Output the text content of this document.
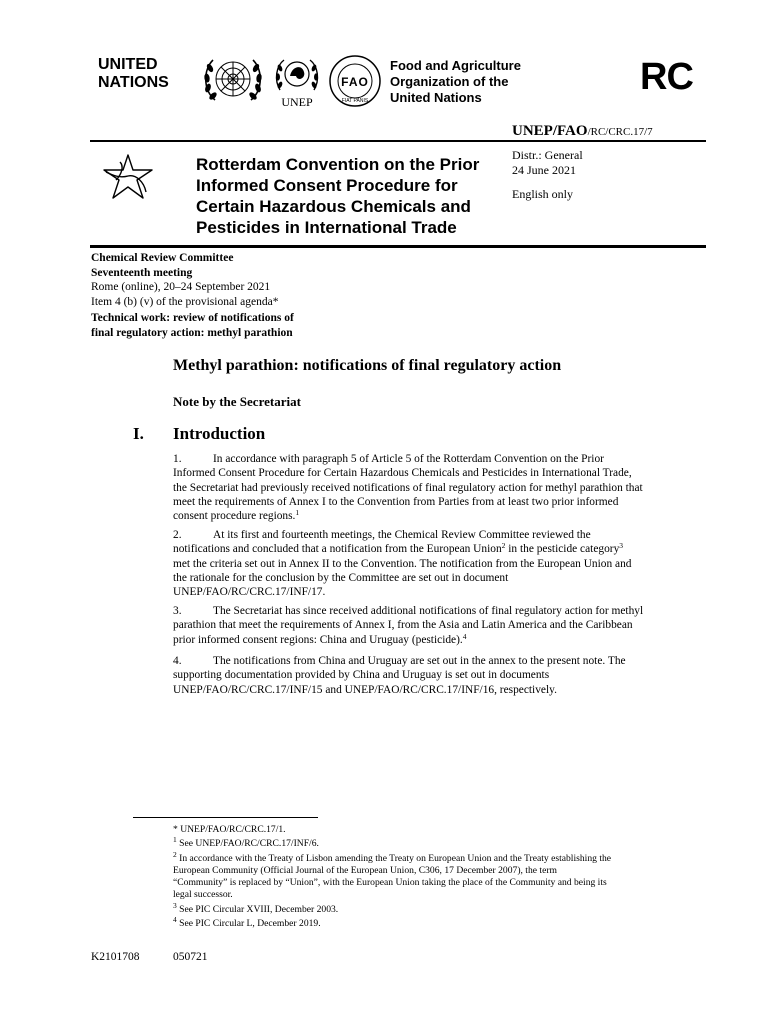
UNITED
NATIONS
UNEP
FAO
FIAT PANIS
Food and Agriculture
Organization of the
United Nations	RC
UNEP/FAO/RC/CRC.17/7
Rotterdam Convention on the Prior
Informed Consent Procedure for
Certain Hazardous Chemicals and
Pesticides in International Trade
Distr.: General
24 June 2021
English only
Chemical Review Committee
Seventeenth meeting
Rome (online), 20–24 September 2021
Item 4 (b) (v) of the provisional agenda*
Technical work: review of notifications of
final regulatory action: methyl parathion
Methyl parathion: notifications of final regulatory action
Note by the Secretariat
I. Introduction
1.	In accordance with paragraph 5 of Article 5 of the Rotterdam Convention on the Prior
Informed Consent Procedure for Certain Hazardous Chemicals and Pesticides in International Trade,
the Secretariat had previously received notifications of final regulatory action for methyl parathion that
meet the requirements of Annex I to the Convention from Parties from at least two prior informed
consent procedure regions.$^1$
2.	At its first and fourteenth meetings, the Chemical Review Committee reviewed the
notifications and concluded that a notification from the European Union$^2$ in the pesticide category$^3$
met the criteria set out in Annex II to the Convention. The notification from the European Union and
the rationale for the conclusion by the Committee are set out in document
UNEP/FAO/RC/CRC.17/INF/17.
3.	The Secretariat has since received additional notifications of final regulatory action for methyl
parathion that meet the requirements of Annex I, from the Asia and Latin America and the Caribbean
prior informed consent regions: China and Uruguay (pesticide).$^4$
4.	The notifications from China and Uruguay are set out in the annex to the present note. The
supporting documentation provided by China and Uruguay is set out in documents
UNEP/FAO/RC/CRC.17/INF/15 and UNEP/FAO/RC/CRC.17/INF/16, respectively.
* UNEP/FAO/RC/CRC.17/1.
$^1$ See UNEP/FAO/RC/CRC.17/INF/6.
$^2$ In accordance with the Treaty of Lisbon amending the Treaty on European Union and the Treaty establishing the
European Community (Official Journal of the European Union, C306, 17 December 2007), the term
“Community” is replaced by “Union”, with the European Union taking the place of the Community and being its
legal successor.
$^3$ See PIC Circular XVIII, December 2003.
$^4$ See PIC Circular L, December 2019.
K2101708	050721
